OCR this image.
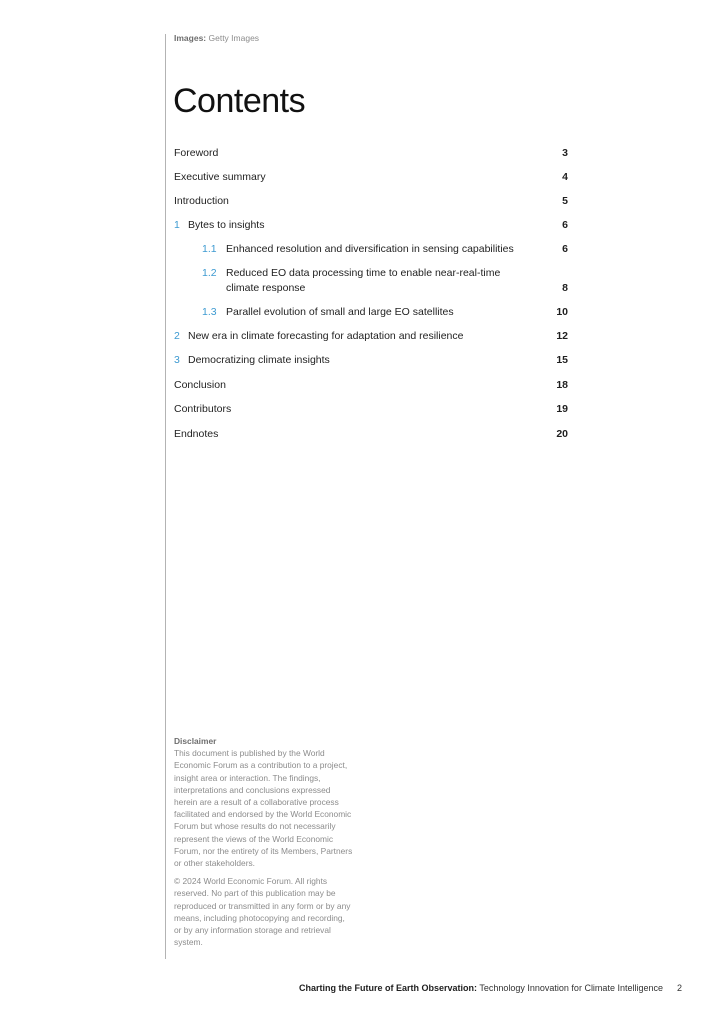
Images: Getty Images
Contents
Foreword	3
Executive summary	4
Introduction	5
1 Bytes to insights	6
1.1 Enhanced resolution and diversification in sensing capabilities	6
1.2 Reduced EO data processing time to enable near-real-time climate response	8
1.3 Parallel evolution of small and large EO satellites	10
2 New era in climate forecasting for adaptation and resilience	12
3 Democratizing climate insights	15
Conclusion	18
Contributors	19
Endnotes	20
Disclaimer

This document is published by the World Economic Forum as a contribution to a project, insight area or interaction. The findings, interpretations and conclusions expressed herein are a result of a collaborative process facilitated and endorsed by the World Economic Forum but whose results do not necessarily represent the views of the World Economic Forum, nor the entirety of its Members, Partners or other stakeholders.

© 2024 World Economic Forum. All rights reserved. No part of this publication may be reproduced or transmitted in any form or by any means, including photocopying and recording, or by any information storage and retrieval system.

Charting the Future of Earth Observation: Technology Innovation for Climate Intelligence 2
